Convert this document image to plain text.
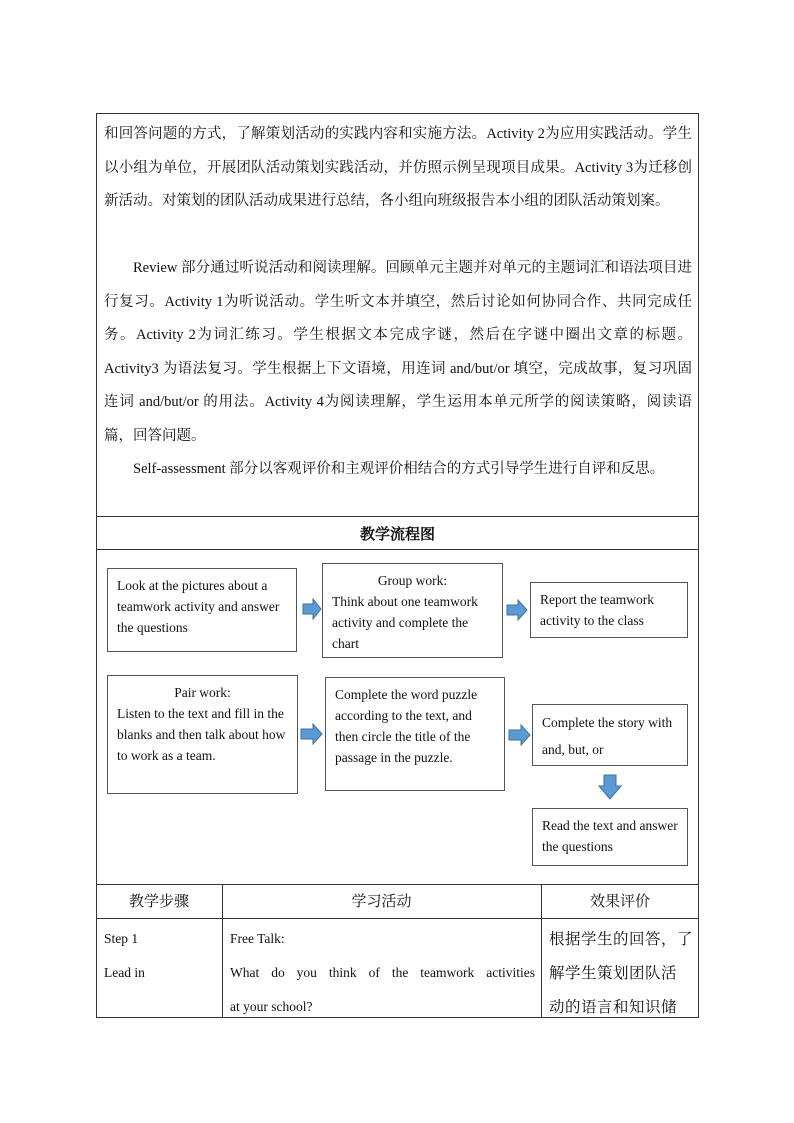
和回答问题的方式，了解策划活动的实践内容和实施方法。Activity 2为应用实践活动。学生以小组为单位，开展团队活动策划实践活动，并仿照示例呈现项目成果。Activity 3为迁移创新活动。对策划的团队活动成果进行总结，各小组向班级报告本小组的团队活动策划案。

Review 部分通过听说活动和阅读理解。回顾单元主题并对单元的主题词汇和语法项目进行复习。Activity 1为听说活动。学生听文本并填空，然后讨论如何协同合作、共同完成任务。Activity 2为词汇练习。学生根据文本完成字谜，然后在字谜中圈出文章的标题。 Activity3 为语法复习。学生根据上下文语境，用连词 and/but/or 填空，完成故事，复习巩固连词 and/but/or 的用法。Activity 4为阅读理解，学生运用本单元所学的阅读策略，阅读语篇，回答问题。

Self-assessment 部分以客观评价和主观评价相结合的方式引导学生进行自评和反思。

教学流程图
Look at the pictures about a teamwork activity and answer the questions
Group work:
Think about one teamwork activity and complete the chart
Report the teamwork activity to the class
Pair work:
Listen to the text and fill in the blanks and then talk about how to work as a team.
Complete the word puzzle according to the text, and then circle the title of the passage in the puzzle.
Complete the story with and, but, or
Read the text and answer the questions
教学步骤	学习活动	效果评价
Step 1
Lead in
Free Talk:
What do you think of the teamwork activities
at your school?
根据学生的回答，了
解学生策划团队活
动的语言和知识储
